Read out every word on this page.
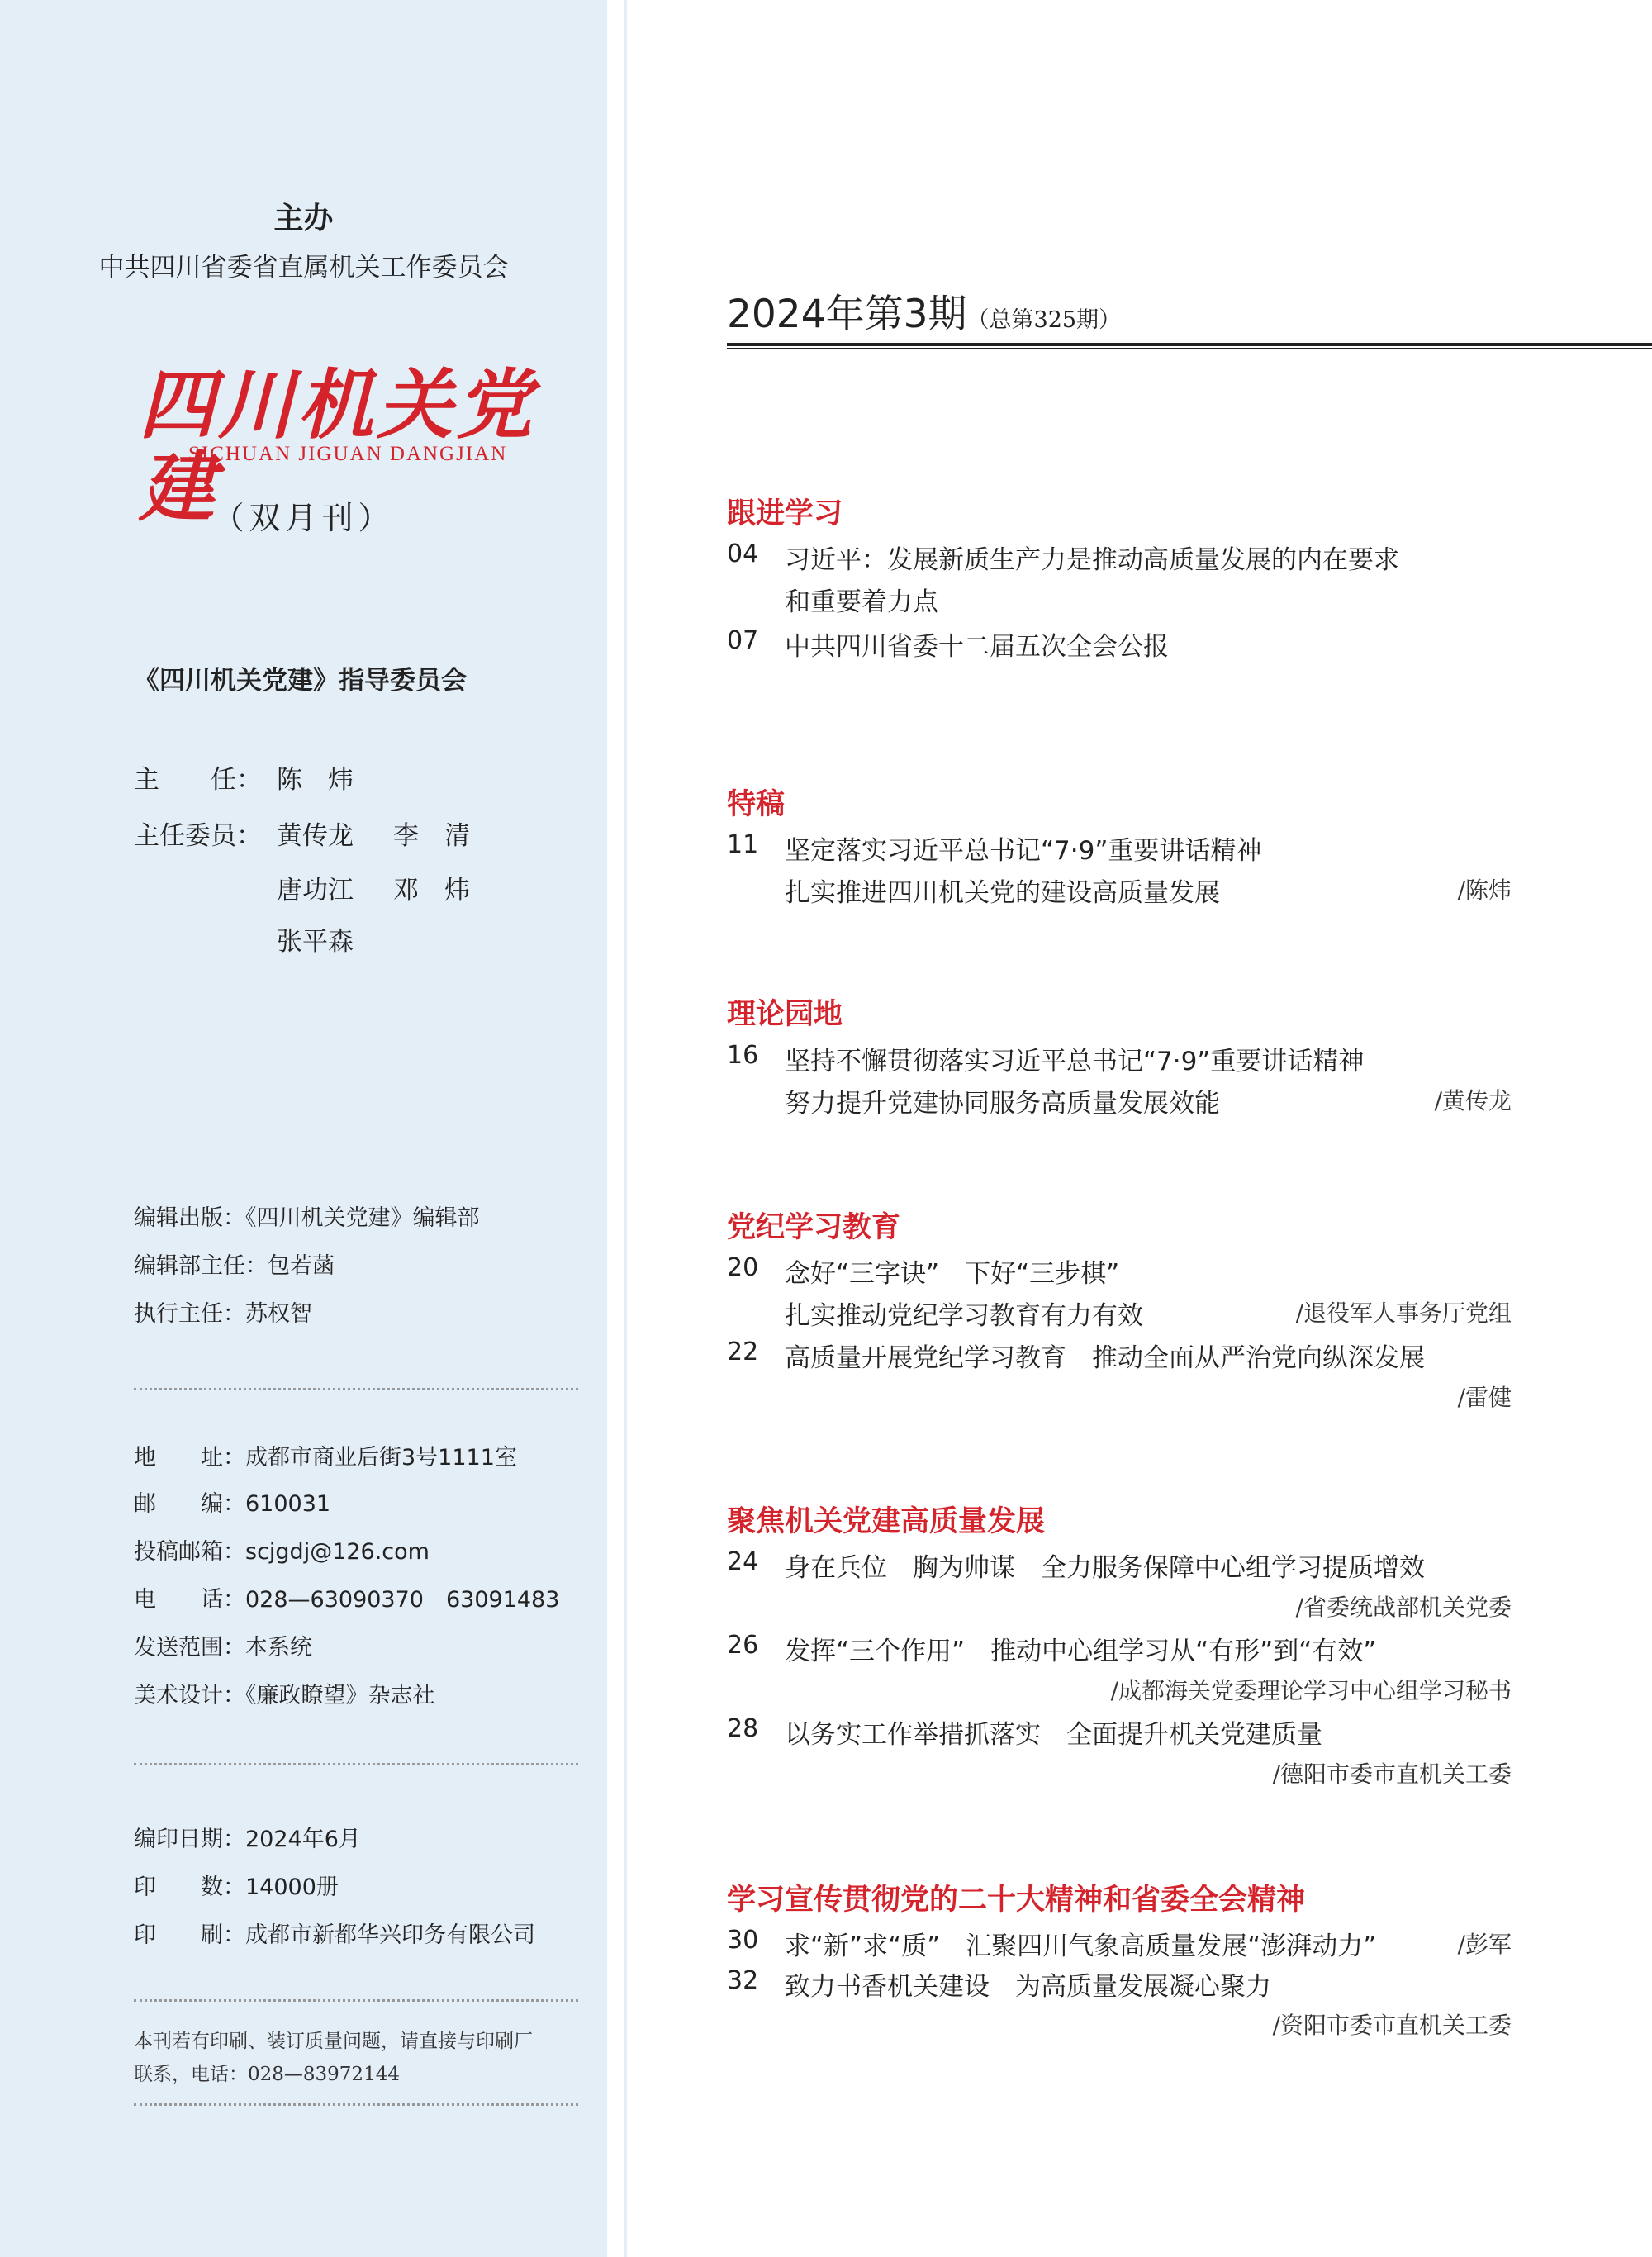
主办
中共四川省委省直属机关工作委员会
四川机关党建
SICHUAN JIGUAN DANGJIAN
（双月刊）
《四川机关党建》指导委员会
主　　任： 陈　炜
主任委员： 黄传龙 李　清
唐功江 邓　炜
张平森
编辑出版：《四川机关党建》编辑部
编辑部主任：包若菡
执行主任：苏权智
地　　址：成都市商业后街3号1111室
邮　　编：610031
投稿邮箱：scjgdj@126.com
电　　话：028—63090370　63091483
发送范围：本系统
美术设计：《廉政瞭望》杂志社
编印日期：2024年6月
印　　数：14000册
印　　刷：成都市新都华兴印务有限公司
本刊若有印刷、装订质量问题，请直接与印刷厂
联系，电话：028—83972144
2024年第3期（总第325期）
跟进学习
04 习近平：发展新质生产力是推动高质量发展的内在要求
和重要着力点
07 中共四川省委十二届五次全会公报
特稿
11 坚定落实习近平总书记“7·9”重要讲话精神
扎实推进四川机关党的建设高质量发展	/陈炜
理论园地
16 坚持不懈贯彻落实习近平总书记“7·9”重要讲话精神
努力提升党建协同服务高质量发展效能	/黄传龙
党纪学习教育
20 念好“三字诀”　下好“三步棋”
扎实推动党纪学习教育有力有效	/退役军人事务厅党组
22 高质量开展党纪学习教育　推动全面从严治党向纵深发展
/雷健
聚焦机关党建高质量发展
24 身在兵位　胸为帅谋　全力服务保障中心组学习提质增效
/省委统战部机关党委
26 发挥“三个作用”　推动中心组学习从“有形”到“有效”
/成都海关党委理论学习中心组学习秘书
28 以务实工作举措抓落实　全面提升机关党建质量
/德阳市委市直机关工委
学习宣传贯彻党的二十大精神和省委全会精神
30 求“新”求“质”　汇聚四川气象高质量发展“澎湃动力”	/彭军
32 致力书香机关建设　为高质量发展凝心聚力
/资阳市委市直机关工委
